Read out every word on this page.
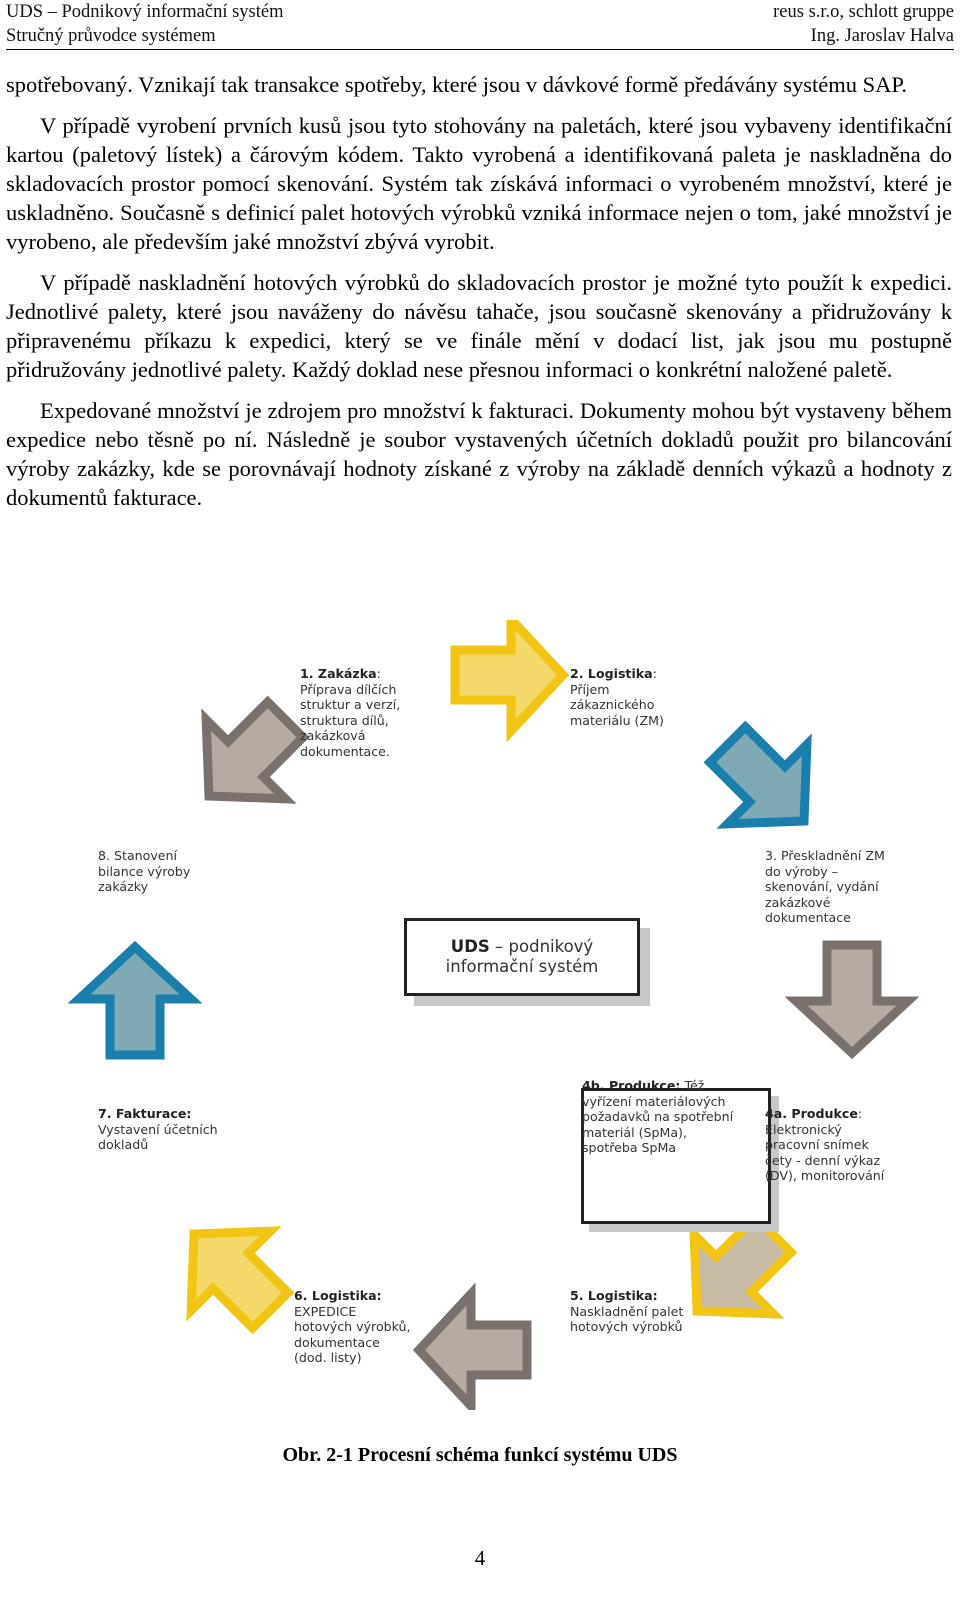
UDS – Podnikový informační systém
Stručný průvodce systémem
reus s.r.o, schlott gruppe
Ing. Jaroslav Halva

spotřebovaný. Vznikají tak transakce spotřeby, které jsou v dávkové formě předávány systému SAP.

V případě vyrobení prvních kusů jsou tyto stohovány na paletách, které jsou vybaveny identifikační kartou (paletový lístek) a čárovým kódem. Takto vyrobená a identifikovaná paleta je naskladněna do skladovacích prostor pomocí skenování. Systém tak získává informaci o vyrobeném množství, které je uskladněno. Současně s definicí palet hotových výrobků vzniká informace nejen o tom, jaké množství je vyrobeno, ale především jaké množství zbývá vyrobit.

V případě naskladnění hotových výrobků do skladovacích prostor je možné tyto použít k expedici. Jednotlivé palety, které jsou naváženy do návěsu tahače, jsou současně skenovány a přidružovány k připravenému příkazu k expedici, který se ve finále mění v dodací list, jak jsou mu postupně přidružovány jednotlivé palety. Každý doklad nese přesnou informaci o konkrétní naložené paletě.

Expedované množství je zdrojem pro množství k fakturaci. Dokumenty mohou být vystaveny během expedice nebo těsně po ní. Následně je soubor vystavených účetních dokladů použit pro bilancování výroby zakázky, kde se porovnávají hodnoty získané z výroby na základě denních výkazů a hodnoty z dokumentů fakturace.

UDS – podnikový
informační systém
1. Zakázka:
Příprava dílčích
struktur a verzí,
struktura dílů,
zakázková
dokumentace.
2. Logistika:
Příjem
zákaznického
materiálu (ZM)
3. Přeskladnění ZM
do výroby –
skenování, vydání
zakázkové
dokumentace
4a. Produkce:
Elektronický
pracovní snímek
čety - denní výkaz
(DV), monitorování
4b. Produkce: Též
vyřízení materiálových
požadavků na spotřební
materiál (SpMa),
spotřeba SpMa
5. Logistika:
Naskladnění palet
hotových výrobků
6. Logistika:
EXPEDICE
hotových výrobků,
dokumentace
(dod. listy)
7. Fakturace:
Vystavení účetních
dokladů
8. Stanovení
bilance výroby
zakázky
Obr. 2-1 Procesní schéma funkcí systému UDS
4
